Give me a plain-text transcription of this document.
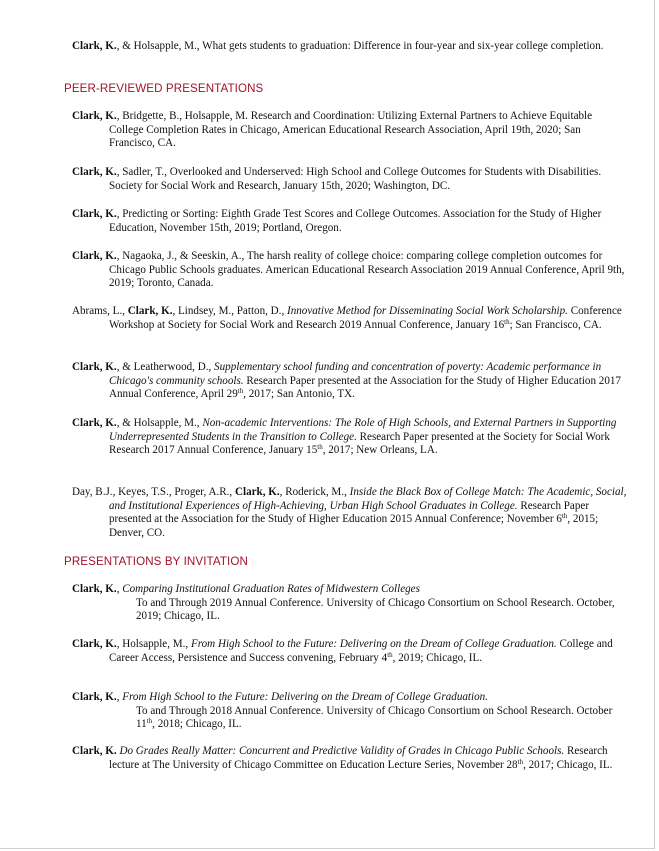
Clark, K., & Holsapple, M., What gets students to graduation: Difference in four-year and six-year college completion.
PEER-REVIEWED PRESENTATIONS
Clark, K., Bridgette, B., Holsapple, M. Research and Coordination: Utilizing External Partners to Achieve Equitable College Completion Rates in Chicago, American Educational Research Association, April 19th, 2020; San Francisco, CA.
Clark, K., Sadler, T., Overlooked and Underserved: High School and College Outcomes for Students with Disabilities. Society for Social Work and Research, January 15th, 2020; Washington, DC.
Clark, K., Predicting or Sorting: Eighth Grade Test Scores and College Outcomes. Association for the Study of Higher Education, November 15th, 2019; Portland, Oregon.
Clark, K., Nagaoka, J., & Seeskin, A., The harsh reality of college choice: comparing college completion outcomes for Chicago Public Schools graduates. American Educational Research Association 2019 Annual Conference, April 9th, 2019; Toronto, Canada.
Abrams, L., Clark, K., Lindsey, M., Patton, D., Innovative Method for Disseminating Social Work Scholarship. Conference Workshop at Society for Social Work and Research 2019 Annual Conference, January 16th; San Francisco, CA.
Clark, K., & Leatherwood, D., Supplementary school funding and concentration of poverty: Academic performance in Chicago's community schools. Research Paper presented at the Association for the Study of Higher Education 2017 Annual Conference, April 29th, 2017; San Antonio, TX.
Clark, K., & Holsapple, M., Non-academic Interventions: The Role of High Schools, and External Partners in Supporting Underrepresented Students in the Transition to College. Research Paper presented at the Society for Social Work Research 2017 Annual Conference, January 15th, 2017; New Orleans, LA.
Day, B.J., Keyes, T.S., Proger, A.R., Clark, K., Roderick, M., Inside the Black Box of College Match: The Academic, Social, and Institutional Experiences of High-Achieving, Urban High School Graduates in College. Research Paper presented at the Association for the Study of Higher Education 2015 Annual Conference; November 6th, 2015; Denver, CO.
PRESENTATIONS BY INVITATION
Clark, K., Comparing Institutional Graduation Rates of Midwestern Colleges
To and Through 2019 Annual Conference. University of Chicago Consortium on School Research. October, 2019; Chicago, IL.
Clark, K., Holsapple, M., From High School to the Future: Delivering on the Dream of College Graduation. College and Career Access, Persistence and Success convening, February 4th, 2019; Chicago, IL.
Clark, K., From High School to the Future: Delivering on the Dream of College Graduation.
To and Through 2018 Annual Conference. University of Chicago Consortium on School Research. October 11th, 2018; Chicago, IL.
Clark, K. Do Grades Really Matter: Concurrent and Predictive Validity of Grades in Chicago Public Schools. Research lecture at The University of Chicago Committee on Education Lecture Series, November 28th, 2017; Chicago, IL.
